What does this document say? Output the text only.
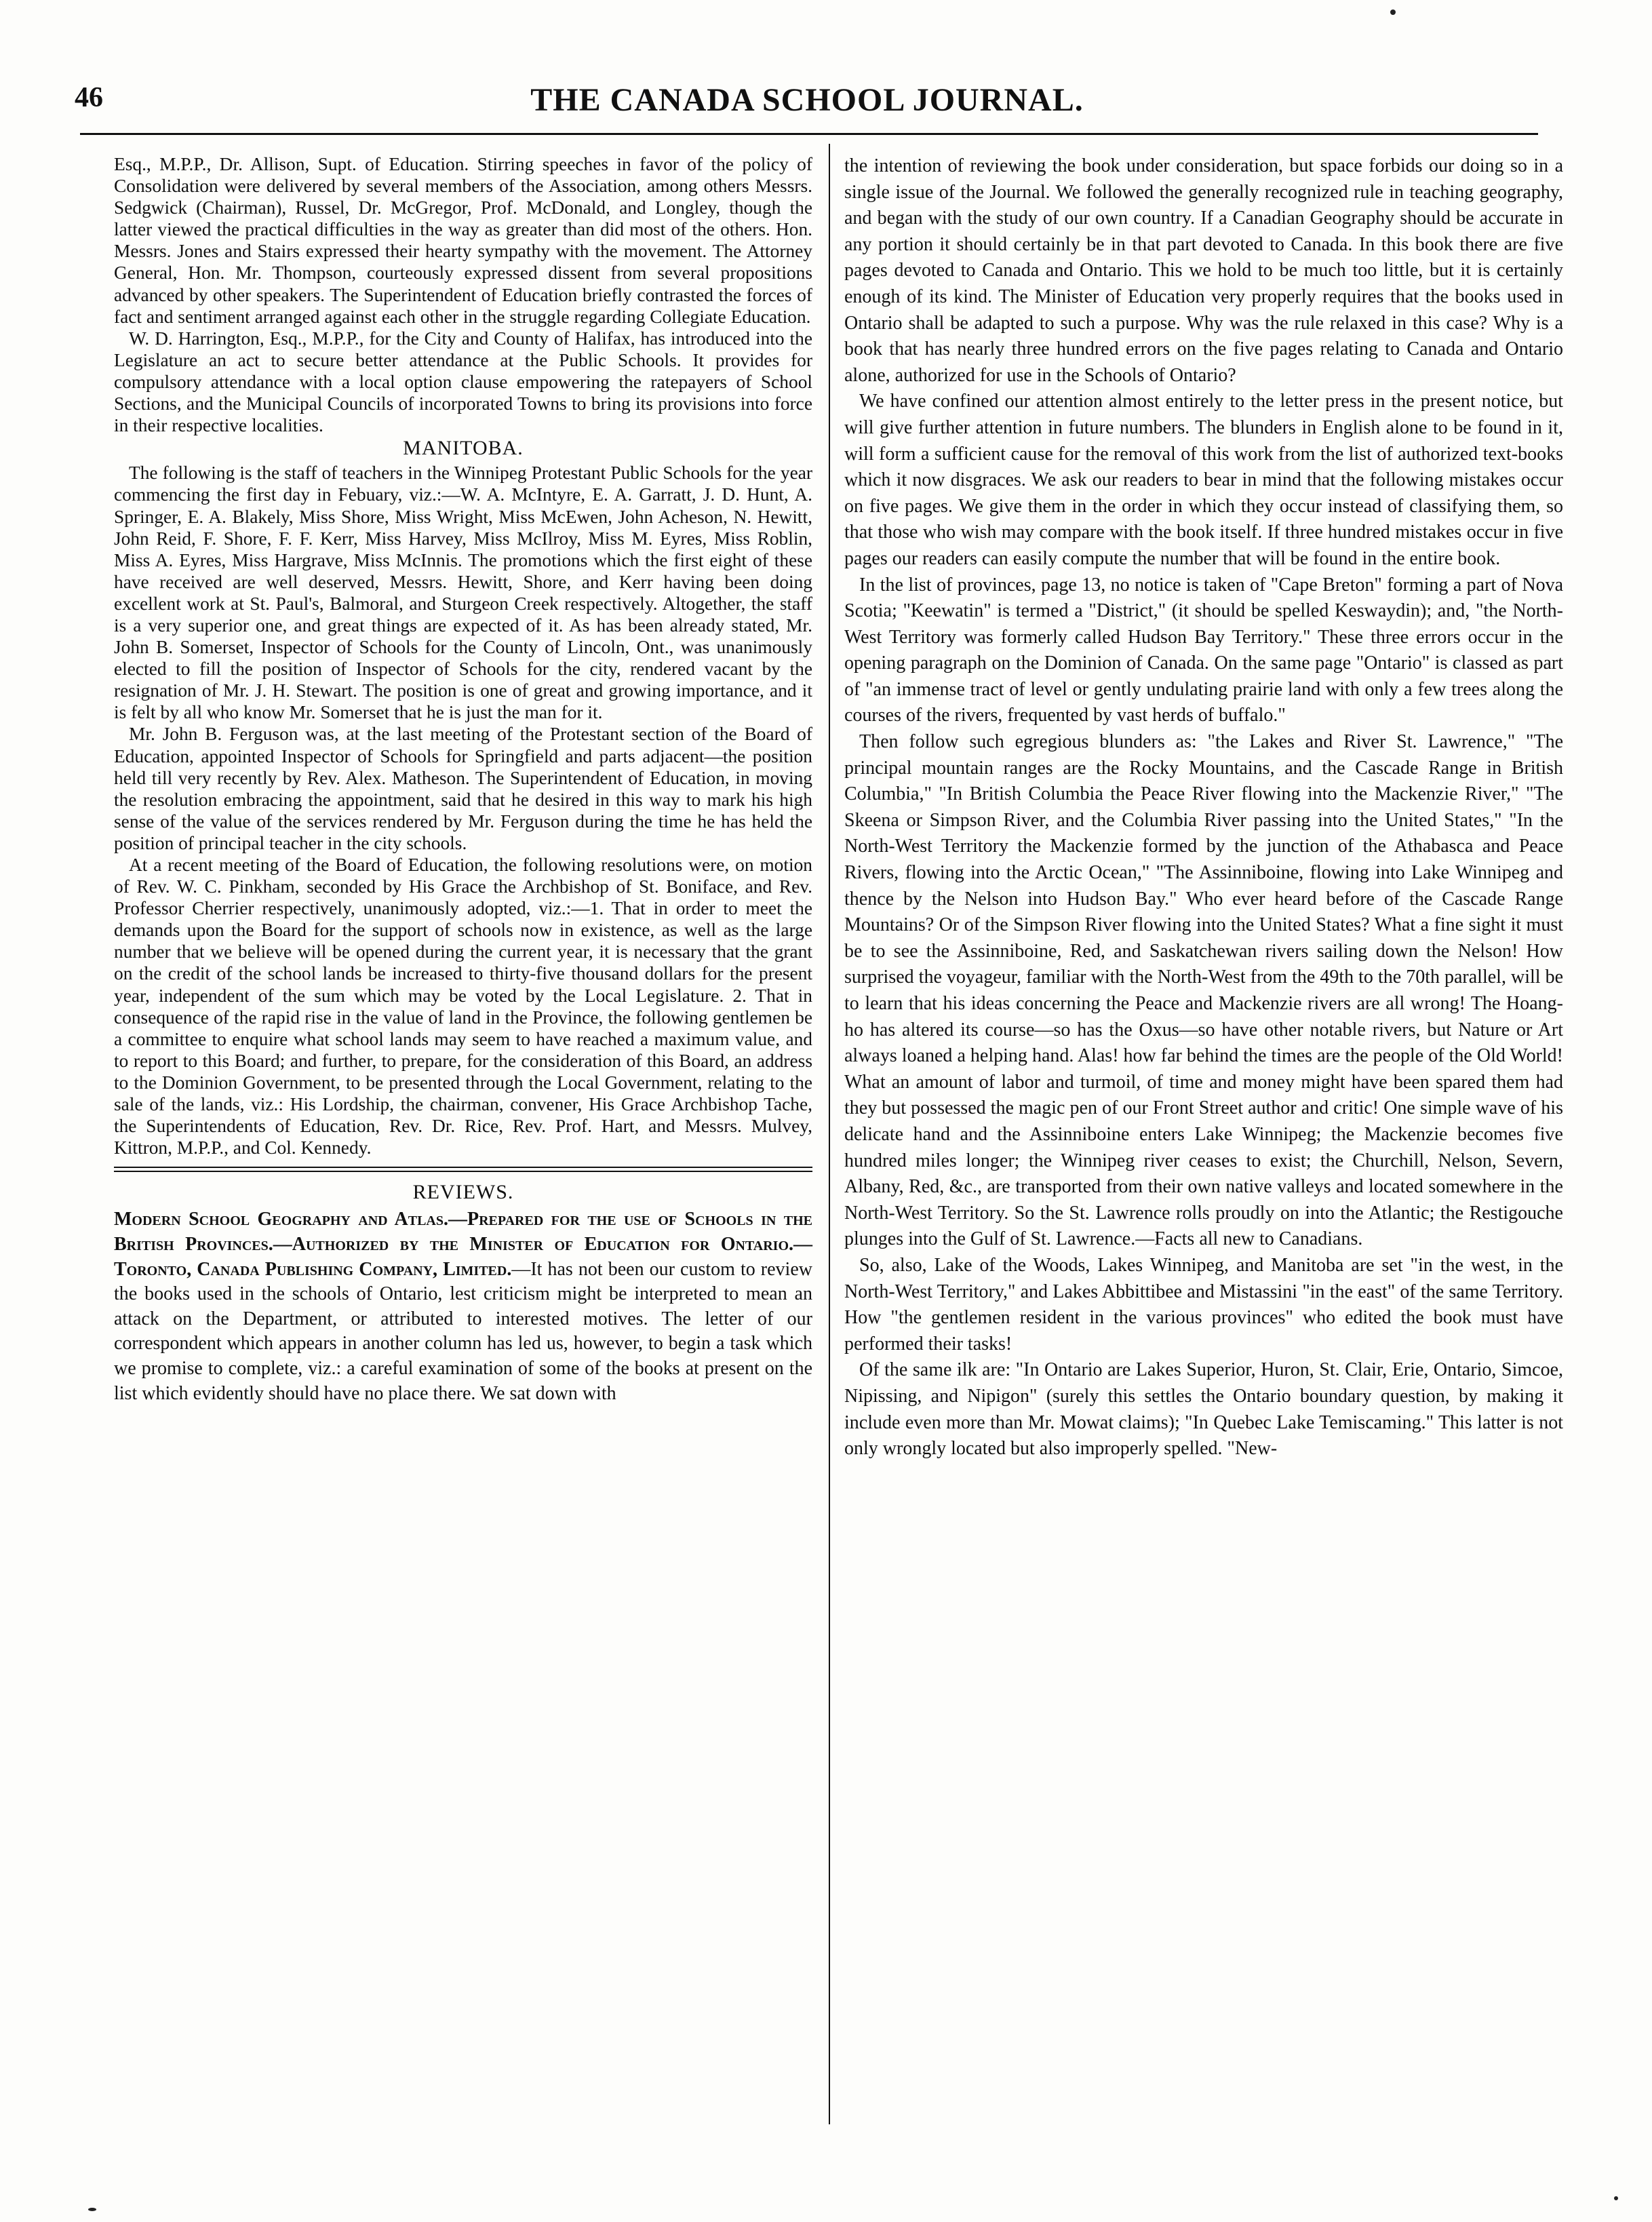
46	THE CANADA SCHOOL JOURNAL.

Esq., M.P.P., Dr. Allison, Supt. of Education. Stirring speeches in favor of the policy of Consolidation were delivered by several members of the Association, among others Messrs. Sedgwick (Chairman), Russel, Dr. McGregor, Prof. McDonald, and Longley, though the latter viewed the practical difficulties in the way as greater than did most of the others. Hon. Messrs. Jones and Stairs expressed their hearty sympathy with the movement. The Attorney General, Hon. Mr. Thompson, courteously expressed dissent from several propositions advanced by other speakers. The Superintendent of Education briefly contrasted the forces of fact and sentiment arranged against each other in the struggle regarding Collegiate Education.

W. D. Harrington, Esq., M.P.P., for the City and County of Halifax, has introduced into the Legislature an act to secure better attendance at the Public Schools. It provides for compulsory attendance with a local option clause empowering the ratepayers of School Sections, and the Municipal Councils of incorporated Towns to bring its provisions into force in their respective localities.

MANITOBA.

The following is the staff of teachers in the Winnipeg Protestant Public Schools for the year commencing the first day in Febuary, viz.:—W. A. McIntyre, E. A. Garratt, J. D. Hunt, A. Springer, E. A. Blakely, Miss Shore, Miss Wright, Miss McEwen, John Acheson, N. Hewitt, John Reid, F. Shore, F. F. Kerr, Miss Harvey, Miss McIlroy, Miss M. Eyres, Miss Roblin, Miss A. Eyres, Miss Hargrave, Miss McInnis. The promotions which the first eight of these have received are well deserved, Messrs. Hewitt, Shore, and Kerr having been doing excellent work at St. Paul's, Balmoral, and Sturgeon Creek respectively. Altogether, the staff is a very superior one, and great things are expected of it. As has been already stated, Mr. John B. Somerset, Inspector of Schools for the County of Lincoln, Ont., was unanimously elected to fill the position of Inspector of Schools for the city, rendered vacant by the resignation of Mr. J. H. Stewart. The position is one of great and growing importance, and it is felt by all who know Mr. Somerset that he is just the man for it.

Mr. John B. Ferguson was, at the last meeting of the Protestant section of the Board of Education, appointed Inspector of Schools for Springfield and parts adjacent—the position held till very recently by Rev. Alex. Matheson. The Superintendent of Education, in moving the resolution embracing the appointment, said that he desired in this way to mark his high sense of the value of the services rendered by Mr. Ferguson during the time he has held the position of principal teacher in the city schools.

At a recent meeting of the Board of Education, the following resolutions were, on motion of Rev. W. C. Pinkham, seconded by His Grace the Archbishop of St. Boniface, and Rev. Professor Cherrier respectively, unanimously adopted, viz.:—1. That in order to meet the demands upon the Board for the support of schools now in existence, as well as the large number that we believe will be opened during the current year, it is necessary that the grant on the credit of the school lands be increased to thirty-five thousand dollars for the present year, independent of the sum which may be voted by the Local Legislature. 2. That in consequence of the rapid rise in the value of land in the Province, the following gentlemen be a committee to enquire what school lands may seem to have reached a maximum value, and to report to this Board; and further, to prepare, for the consideration of this Board, an address to the Dominion Government, to be presented through the Local Government, relating to the sale of the lands, viz.: His Lordship, the chairman, convener, His Grace Archbishop Tache, the Superintendents of Education, Rev. Dr. Rice, Rev. Prof. Hart, and Messrs. Mulvey, Kittron, M.P.P., and Col. Kennedy.

REVIEWS.

Modern School Geography and Atlas.—Prepared for the use of Schools in the British Provinces.—Authorized by the Minister of Education for Ontario.—Toronto, Canada Publishing Company, Limited.—It has not been our custom to review the books used in the schools of Ontario, lest criticism might be interpreted to mean an attack on the Department, or attributed to interested motives. The letter of our correspondent which appears in another column has led us, however, to begin a task which we promise to complete, viz.: a careful examination of some of the books at present on the list which evidently should have no place there. We sat down with

the intention of reviewing the book under consideration, but space forbids our doing so in a single issue of the Journal. We followed the generally recognized rule in teaching geography, and began with the study of our own country. If a Canadian Geography should be accurate in any portion it should certainly be in that part devoted to Canada. In this book there are five pages devoted to Canada and Ontario. This we hold to be much too little, but it is certainly enough of its kind. The Minister of Education very properly requires that the books used in Ontario shall be adapted to such a purpose. Why was the rule relaxed in this case? Why is a book that has nearly three hundred errors on the five pages relating to Canada and Ontario alone, authorized for use in the Schools of Ontario?

We have confined our attention almost entirely to the letter press in the present notice, but will give further attention in future numbers. The blunders in English alone to be found in it, will form a sufficient cause for the removal of this work from the list of authorized text-books which it now disgraces. We ask our readers to bear in mind that the following mistakes occur on five pages. We give them in the order in which they occur instead of classifying them, so that those who wish may compare with the book itself. If three hundred mistakes occur in five pages our readers can easily compute the number that will be found in the entire book.

In the list of provinces, page 13, no notice is taken of "Cape Breton" forming a part of Nova Scotia; "Keewatin" is termed a "District," (it should be spelled Keswaydin); and, "the North-West Territory was formerly called Hudson Bay Territory." These three errors occur in the opening paragraph on the Dominion of Canada. On the same page "Ontario" is classed as part of "an immense tract of level or gently undulating prairie land with only a few trees along the courses of the rivers, frequented by vast herds of buffalo."

Then follow such egregious blunders as: "the Lakes and River St. Lawrence," "The principal mountain ranges are the Rocky Mountains, and the Cascade Range in British Columbia," "In British Columbia the Peace River flowing into the Mackenzie River," "The Skeena or Simpson River, and the Columbia River passing into the United States," "In the North-West Territory the Mackenzie formed by the junction of the Athabasca and Peace Rivers, flowing into the Arctic Ocean," "The Assinniboine, flowing into Lake Winnipeg and thence by the Nelson into Hudson Bay." Who ever heard before of the Cascade Range Mountains? Or of the Simpson River flowing into the United States? What a fine sight it must be to see the Assinniboine, Red, and Saskatchewan rivers sailing down the Nelson! How surprised the voyageur, familiar with the North-West from the 49th to the 70th parallel, will be to learn that his ideas concerning the Peace and Mackenzie rivers are all wrong! The Hoang-ho has altered its course—so has the Oxus—so have other notable rivers, but Nature or Art always loaned a helping hand. Alas! how far behind the times are the people of the Old World! What an amount of labor and turmoil, of time and money might have been spared them had they but possessed the magic pen of our Front Street author and critic! One simple wave of his delicate hand and the Assinniboine enters Lake Winnipeg; the Mackenzie becomes five hundred miles longer; the Winnipeg river ceases to exist; the Churchill, Nelson, Severn, Albany, Red, &c., are transported from their own native valleys and located somewhere in the North-West Territory. So the St. Lawrence rolls proudly on into the Atlantic; the Restigouche plunges into the Gulf of St. Lawrence.—Facts all new to Canadians.

So, also, Lake of the Woods, Lakes Winnipeg, and Manitoba are set "in the west, in the North-West Territory," and Lakes Abbittibee and Mistassini "in the east" of the same Territory. How "the gentlemen resident in the various provinces" who edited the book must have performed their tasks!

Of the same ilk are: "In Ontario are Lakes Superior, Huron, St. Clair, Erie, Ontario, Simcoe, Nipissing, and Nipigon" (surely this settles the Ontario boundary question, by making it include even more than Mr. Mowat claims); "In Quebec Lake Temiscaming." This latter is not only wrongly located but also improperly spelled. "New-
